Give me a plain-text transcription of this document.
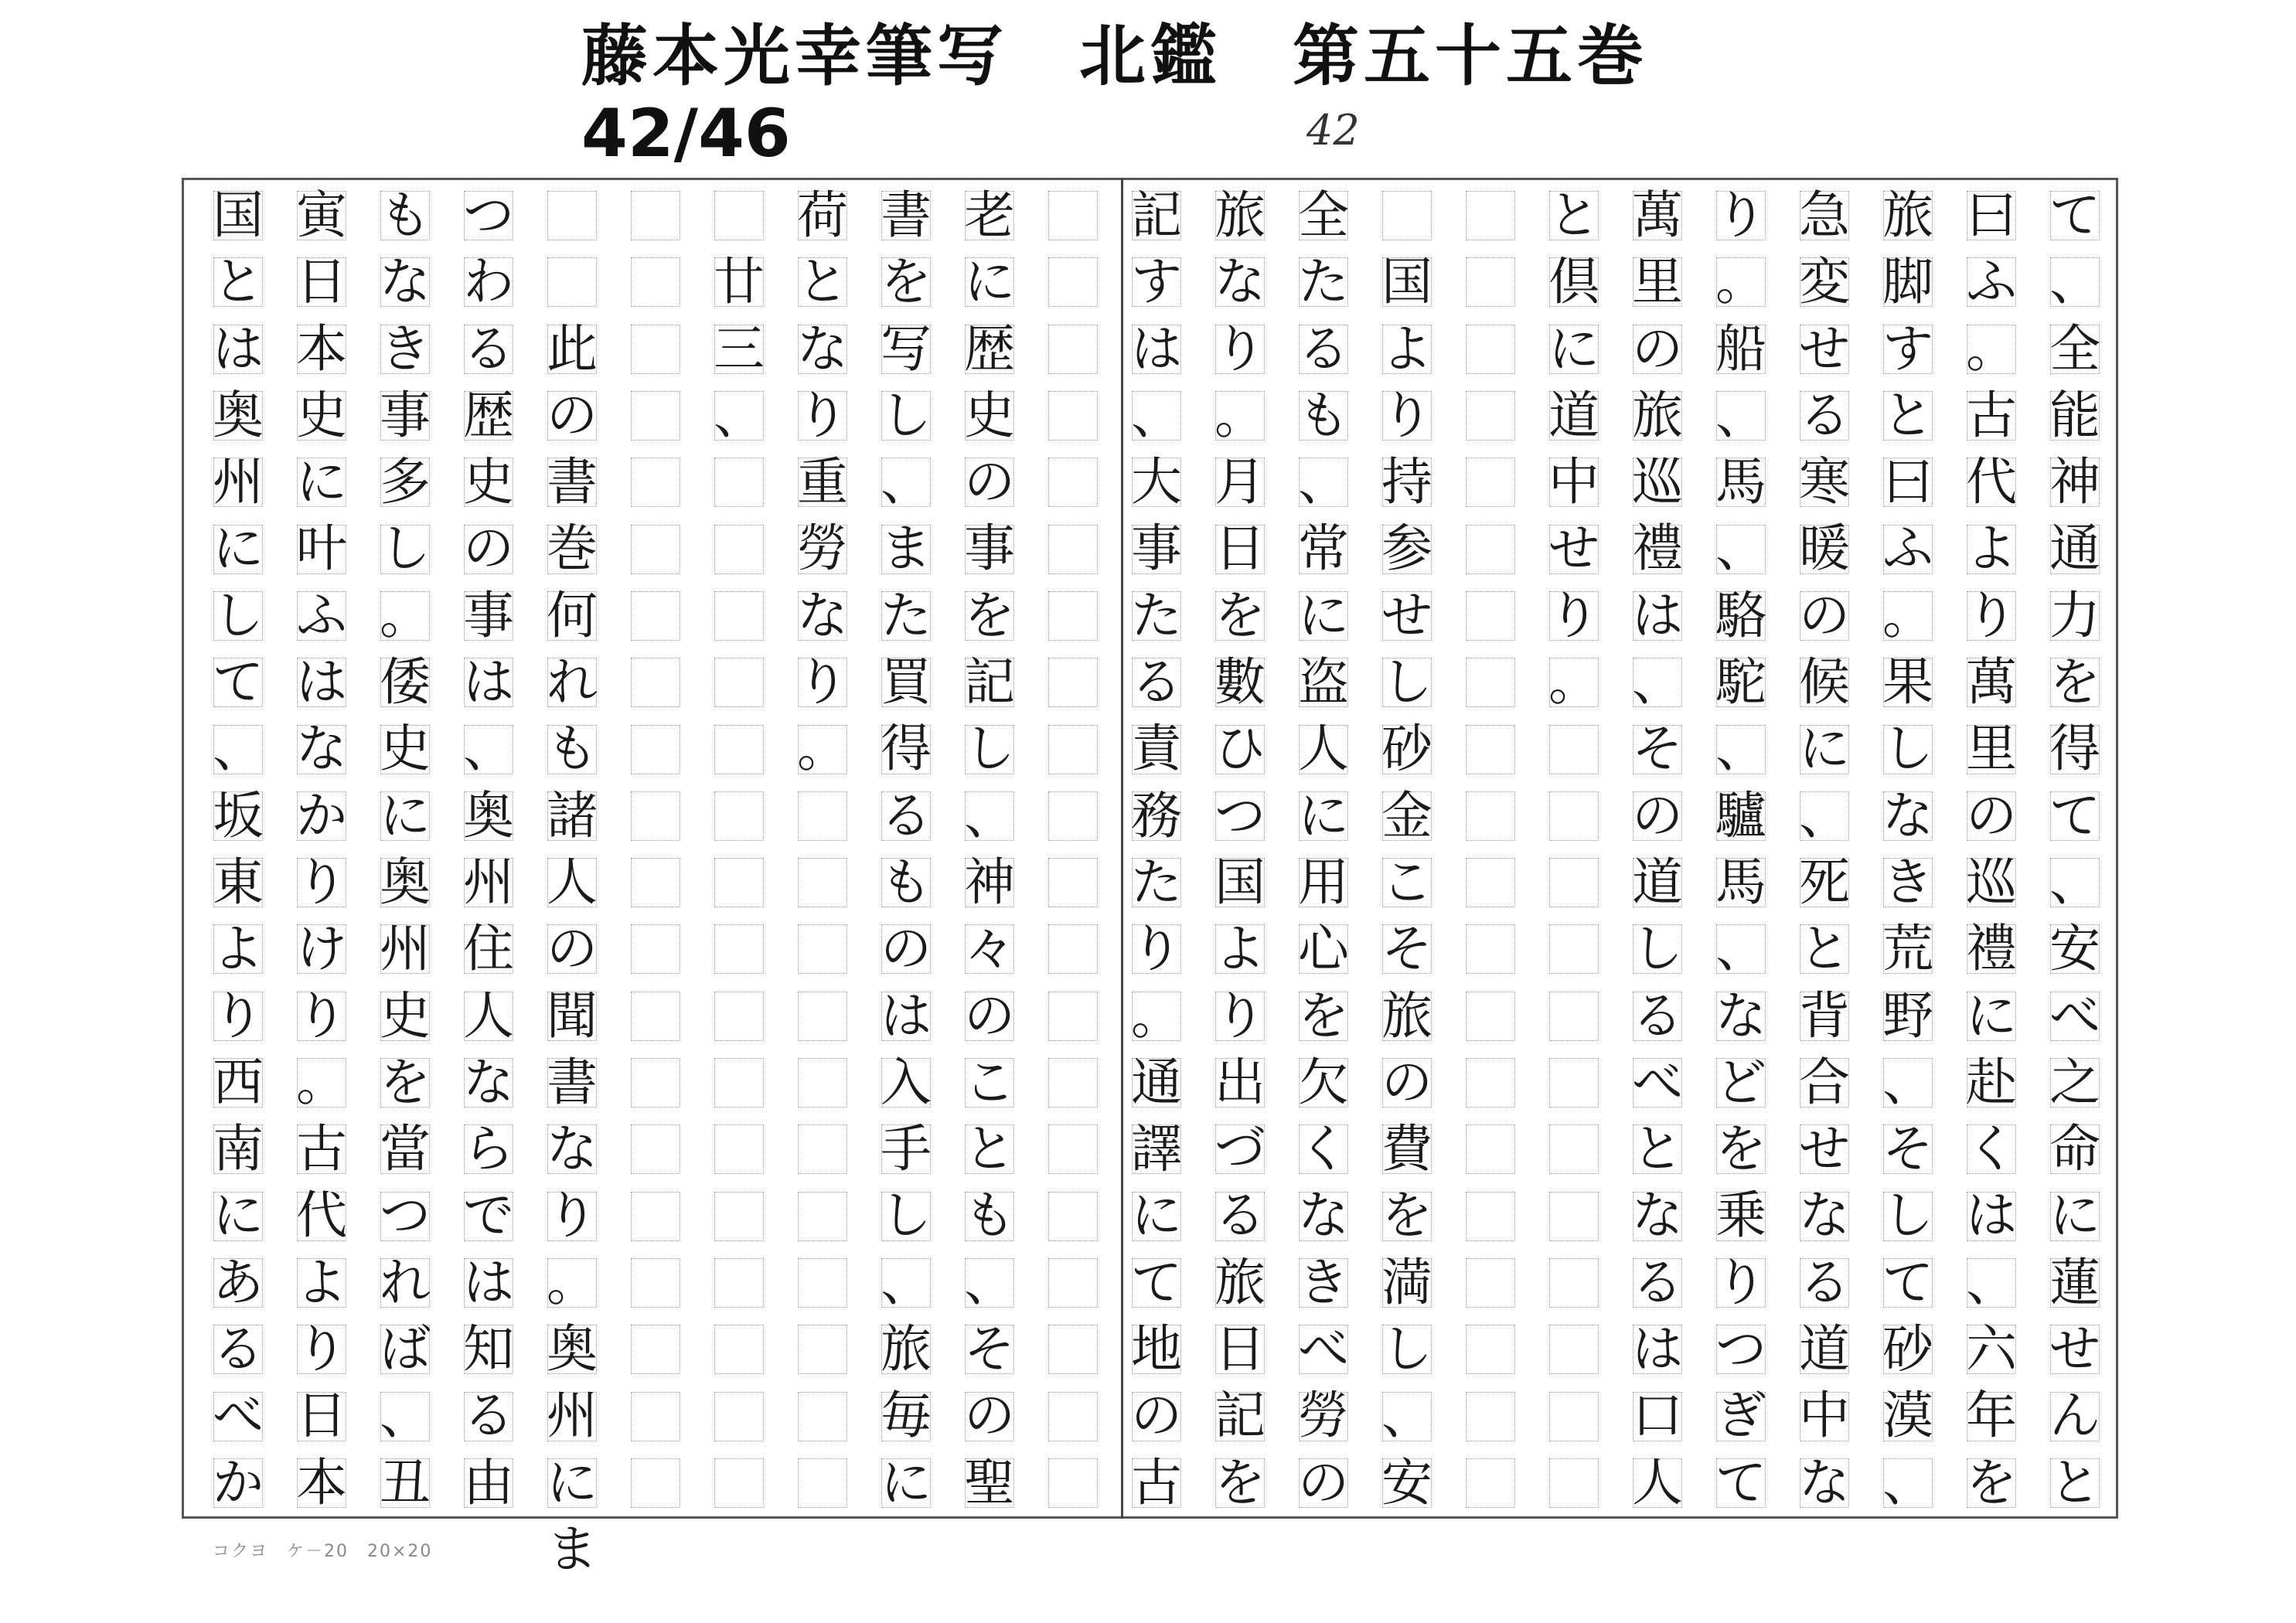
藤本光幸筆写　北鑑　第五十五巻
42/46	42
て
、
全
能
神
通
力
を
得
て
、
安
べ
之
命
に
蓮
せ
ん
と
曰
ふ
。
古
代
よ
り
萬
里
の
巡
禮
に
赴
く
は
、
六
年
を
旅
脚
す
と
曰
ふ
。
果
し
な
き
荒
野
、
そ
し
て
砂
漠
、
急
変
せ
る
寒
暖
の
候
に
、
死
と
背
合
せ
な
る
道
中
な
り
。
船
、
馬
、
駱
駝
、
驢
馬
、
な
ど
を
乗
り
つ
ぎ
て
萬
里
の
旅
巡
禮
は
、
そ
の
道
し
る
べ
と
な
る
は
口
人
と
倶
に
道
中
せ
り
。
国
よ
り
持
参
せ
し
砂
金
こ
そ
旅
の
費
を
満
し
、
安
全
た
る
も
、
常
に
盗
人
に
用
心
を
欠
く
な
き
べ
勞
の
旅
な
り
。
月
日
を
數
ひ
つ
国
よ
り
出
づ
る
旅
日
記
を
記
す
は
、
大
事
た
る
責
務
た
り
。
通
譯
に
て
地
の
古
老
に
歴
史
の
事
を
記
し
、
神
々
の
こ
と
も
、
そ
の
聖
書
を
写
し
、
ま
た
買
得
る
も
の
は
入
手
し
、
旅
毎
に
荷
と
な
り
重
勞
な
り
。
廿
三
、
此
の
書
巻
何
れ
も
諸
人
の
聞
書
な
り
。
奥
州
に
ま
つ
わ
る
歴
史
の
事
は
、
奥
州
住
人
な
ら
で
は
知
る
由
も
な
き
事
多
し
。
倭
史
に
奥
州
史
を
當
つ
れ
ば
、
丑
寅
日
本
史
に
叶
ふ
は
な
か
り
け
り
。
古
代
よ
り
日
本
国
と
は
奥
州
に
し
て
、
坂
東
よ
り
西
南
に
あ
る
べ
か
コクヨ　ケ－20　20×20
